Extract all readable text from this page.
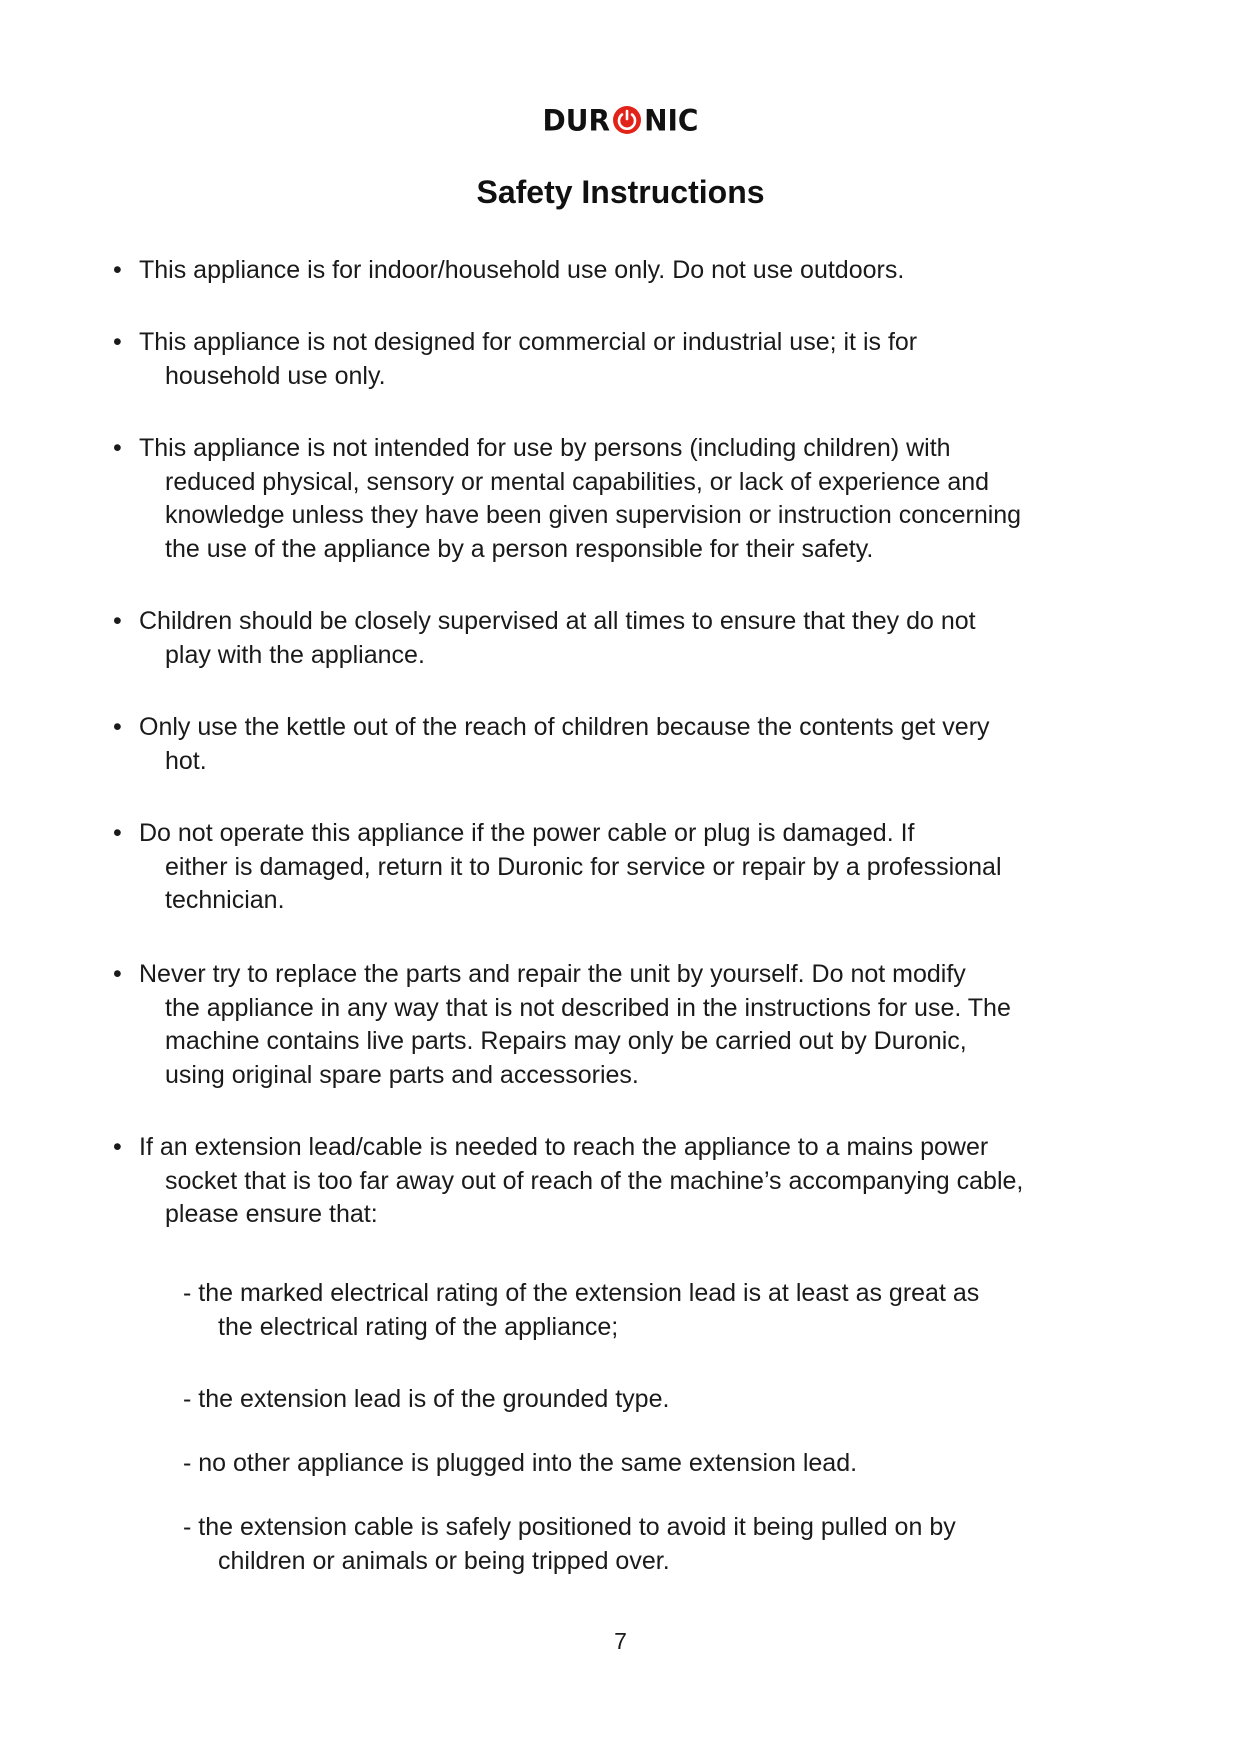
DUR NIC
Safety Instructions
• This appliance is for indoor/household use only. Do not use outdoors.
• This appliance is not designed for commercial or industrial use; it is for
household use only.
• This appliance is not intended for use by persons (including children) with
reduced physical, sensory or mental capabilities, or lack of experience and
knowledge unless they have been given supervision or instruction concerning
the use of the appliance by a person responsible for their safety.
• Children should be closely supervised at all times to ensure that they do not
play with the appliance.
• Only use the kettle out of the reach of children because the contents get very
hot.
• Do not operate this appliance if the power cable or plug is damaged. If
either is damaged, return it to Duronic for service or repair by a professional
technician.
• Never try to replace the parts and repair the unit by yourself. Do not modify
the appliance in any way that is not described in the instructions for use. The
machine contains live parts. Repairs may only be carried out by Duronic,
using original spare parts and accessories.
• If an extension lead/cable is needed to reach the appliance to a mains power
socket that is too far away out of reach of the machine’s accompanying cable,
please ensure that:
- the marked electrical rating of the extension lead is at least as great as
the electrical rating of the appliance;
- the extension lead is of the grounded type.
- no other appliance is plugged into the same extension lead.
- the extension cable is safely positioned to avoid it being pulled on by
children or animals or being tripped over.
7
